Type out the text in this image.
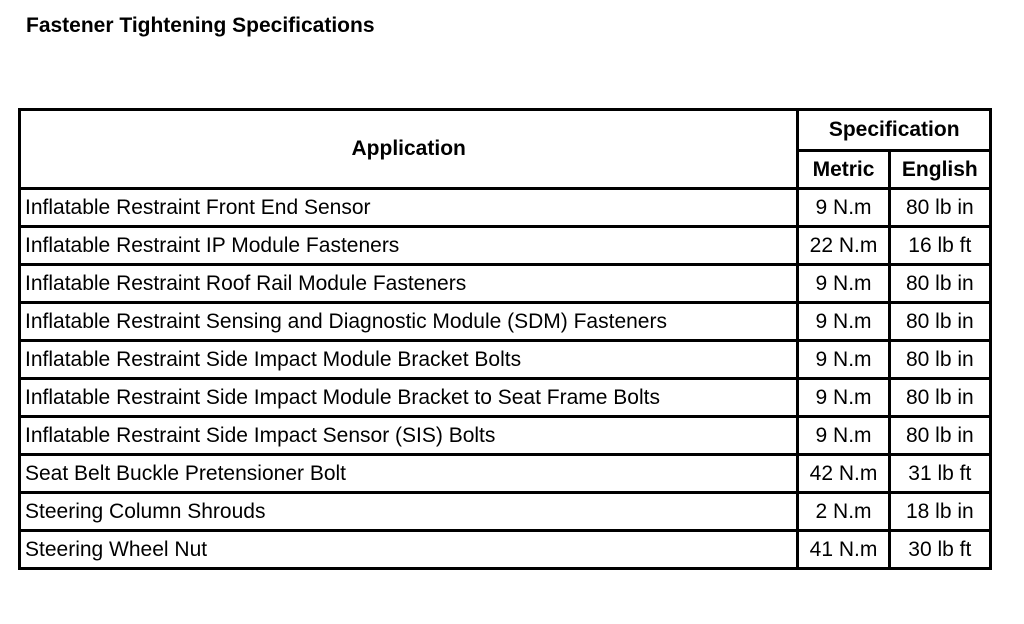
Fastener Tightening Specifications
Application	Specification	
	Metric	English
Inflatable Restraint Front End Sensor	9 N.m	80 lb in
Inflatable Restraint IP Module Fasteners	22 N.m	16 lb ft
Inflatable Restraint Roof Rail Module Fasteners	9 N.m	80 lb in
Inflatable Restraint Sensing and Diagnostic Module (SDM) Fasteners	9 N.m	80 lb in
Inflatable Restraint Side Impact Module Bracket Bolts	9 N.m	80 lb in
Inflatable Restraint Side Impact Module Bracket to Seat Frame Bolts	9 N.m	80 lb in
Inflatable Restraint Side Impact Sensor (SIS) Bolts	9 N.m	80 lb in
Seat Belt Buckle Pretensioner Bolt	42 N.m	31 lb ft
Steering Column Shrouds	2 N.m	18 lb in
Steering Wheel Nut	41 N.m	30 lb ft
